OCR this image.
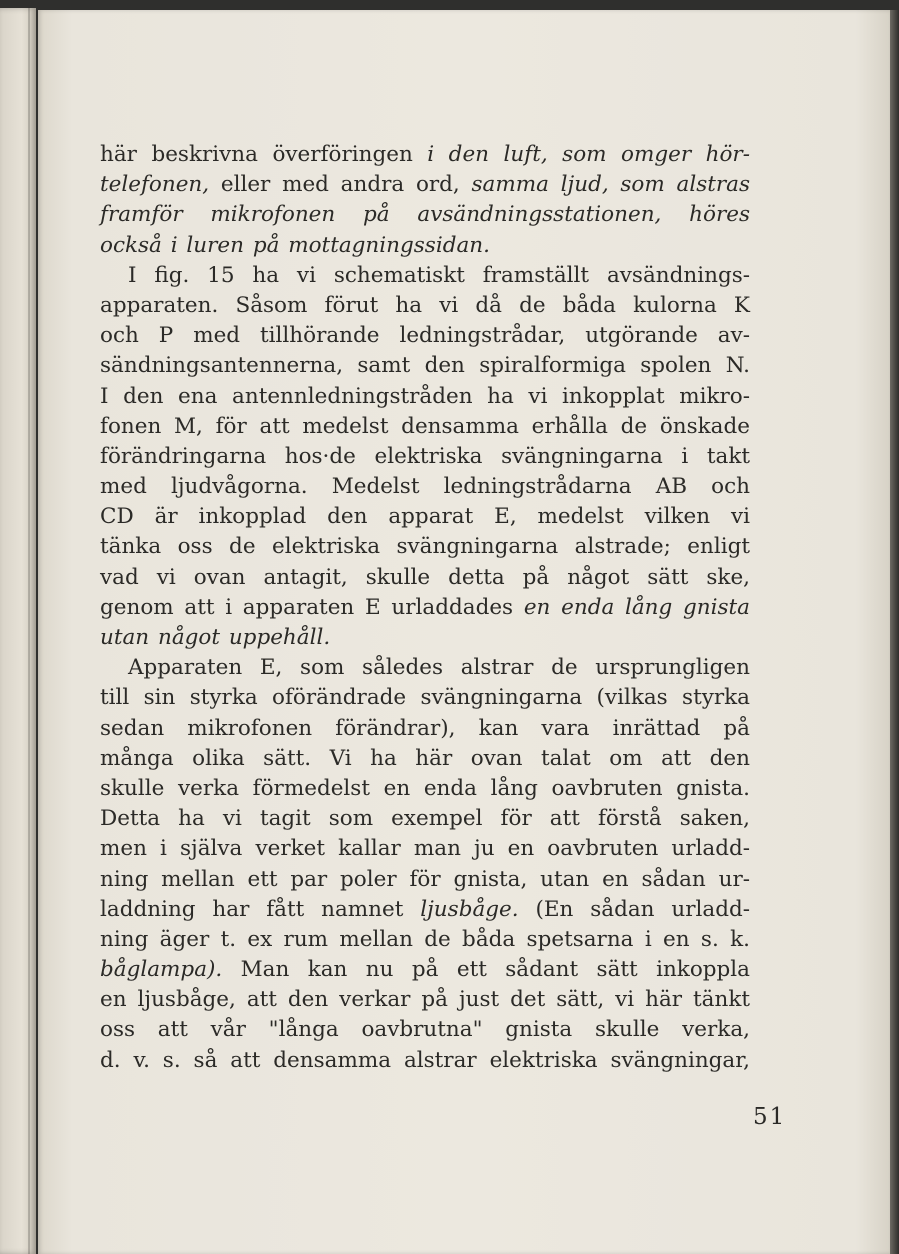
här beskrivna överföringen i den luft, som omger hör-
telefonen, eller med andra ord, samma ljud, som alstras
framför mikrofonen på avsändningsstationen, höres
också i luren på mottagningssidan.
I fig. 15 ha vi schematiskt framställt avsändnings-
apparaten. Såsom förut ha vi då de båda kulorna K
och P med tillhörande ledningstrådar, utgörande av-
sändningsantennerna, samt den spiralformiga spolen N.
I den ena antennledningstråden ha vi inkopplat mikro-
fonen M, för att medelst densamma erhålla de önskade
förändringarna hos·de elektriska svängningarna i takt
med ljudvågorna. Medelst ledningstrådarna AB och
CD är inkopplad den apparat E, medelst vilken vi
tänka oss de elektriska svängningarna alstrade; enligt
vad vi ovan antagit, skulle detta på något sätt ske,
genom att i apparaten E urladdades en enda lång gnista
utan något uppehåll.
Apparaten E, som således alstrar de ursprungligen
till sin styrka oförändrade svängningarna (vilkas styrka
sedan mikrofonen förändrar), kan vara inrättad på
många olika sätt. Vi ha här ovan talat om att den
skulle verka förmedelst en enda lång oavbruten gnista.
Detta ha vi tagit som exempel för att förstå saken,
men i själva verket kallar man ju en oavbruten urladd-
ning mellan ett par poler för gnista, utan en sådan ur-
laddning har fått namnet ljusbåge. (En sådan urladd-
ning äger t. ex rum mellan de båda spetsarna i en s. k.
båglampa). Man kan nu på ett sådant sätt inkoppla
en ljusbåge, att den verkar på just det sätt, vi här tänkt
oss att vår "långa oavbrutna" gnista skulle verka,
d. v. s. så att densamma alstrar elektriska svängningar,
51
